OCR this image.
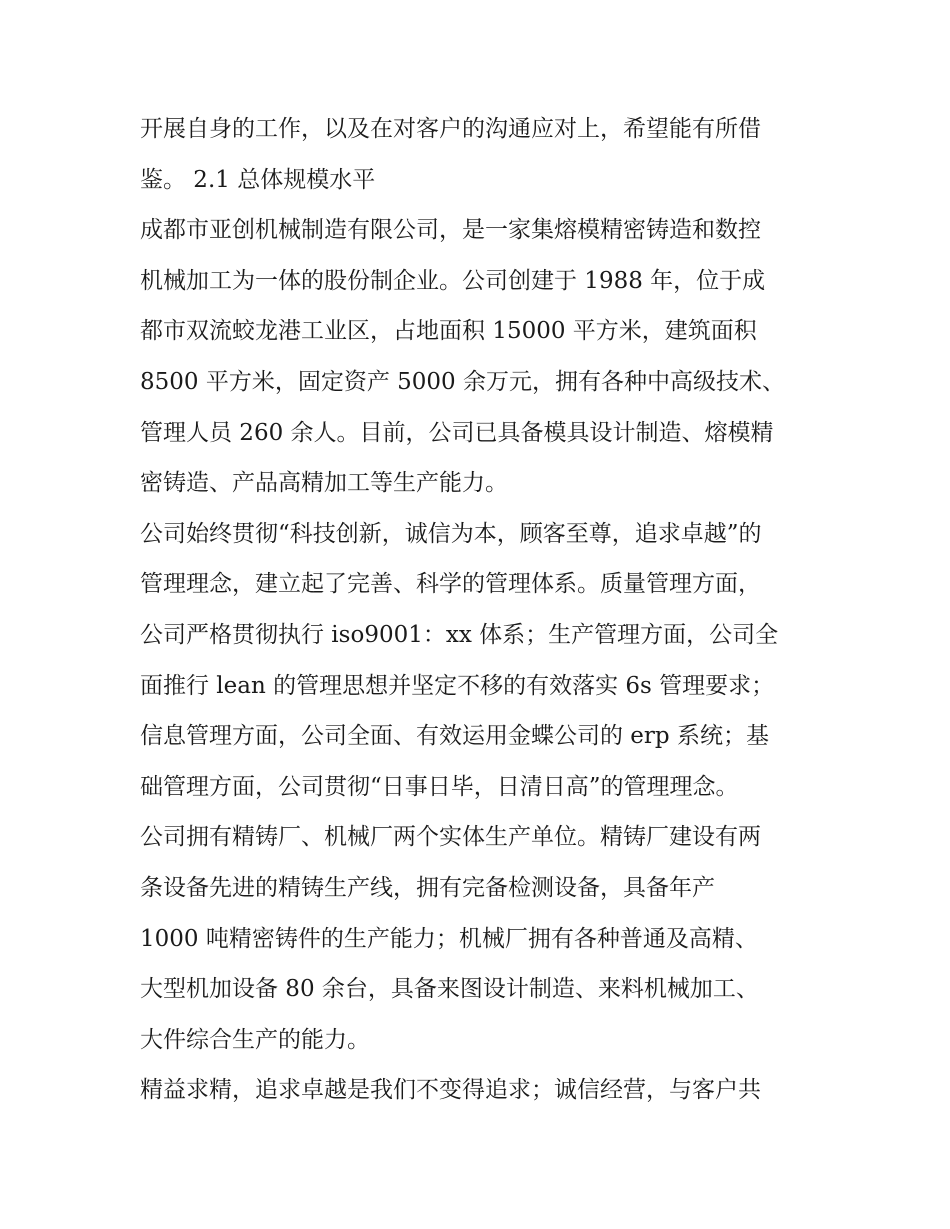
开展自身的工作，以及在对客户的沟通应对上，希望能有所借
鉴。 2.1 总体规模水平
成都市亚创机械制造有限公司，是一家集熔模精密铸造和数控
机械加工为一体的股份制企业。公司创建于 1988 年，位于成
都市双流蛟龙港工业区，占地面积 15000 平方米，建筑面积
8500 平方米，固定资产 5000 余万元，拥有各种中高级技术、
管理人员 260 余人。目前，公司已具备模具设计制造、熔模精
密铸造、产品高精加工等生产能力。
公司始终贯彻“科技创新，诚信为本，顾客至尊，追求卓越”的
管理理念，建立起了完善、科学的管理体系。质量管理方面，
公司严格贯彻执行 iso9001：xx 体系；生产管理方面，公司全
面推行 lean 的管理思想并坚定不移的有效落实 6s 管理要求；
信息管理方面，公司全面、有效运用金蝶公司的 erp 系统；基
础管理方面，公司贯彻“日事日毕，日清日高”的管理理念。
公司拥有精铸厂、机械厂两个实体生产单位。精铸厂建设有两
条设备先进的精铸生产线，拥有完备检测设备，具备年产
1000 吨精密铸件的生产能力；机械厂拥有各种普通及高精、
大型机加设备 80 余台，具备来图设计制造、来料机械加工、
大件综合生产的能力。
精益求精，追求卓越是我们不变得追求；诚信经营，与客户共
